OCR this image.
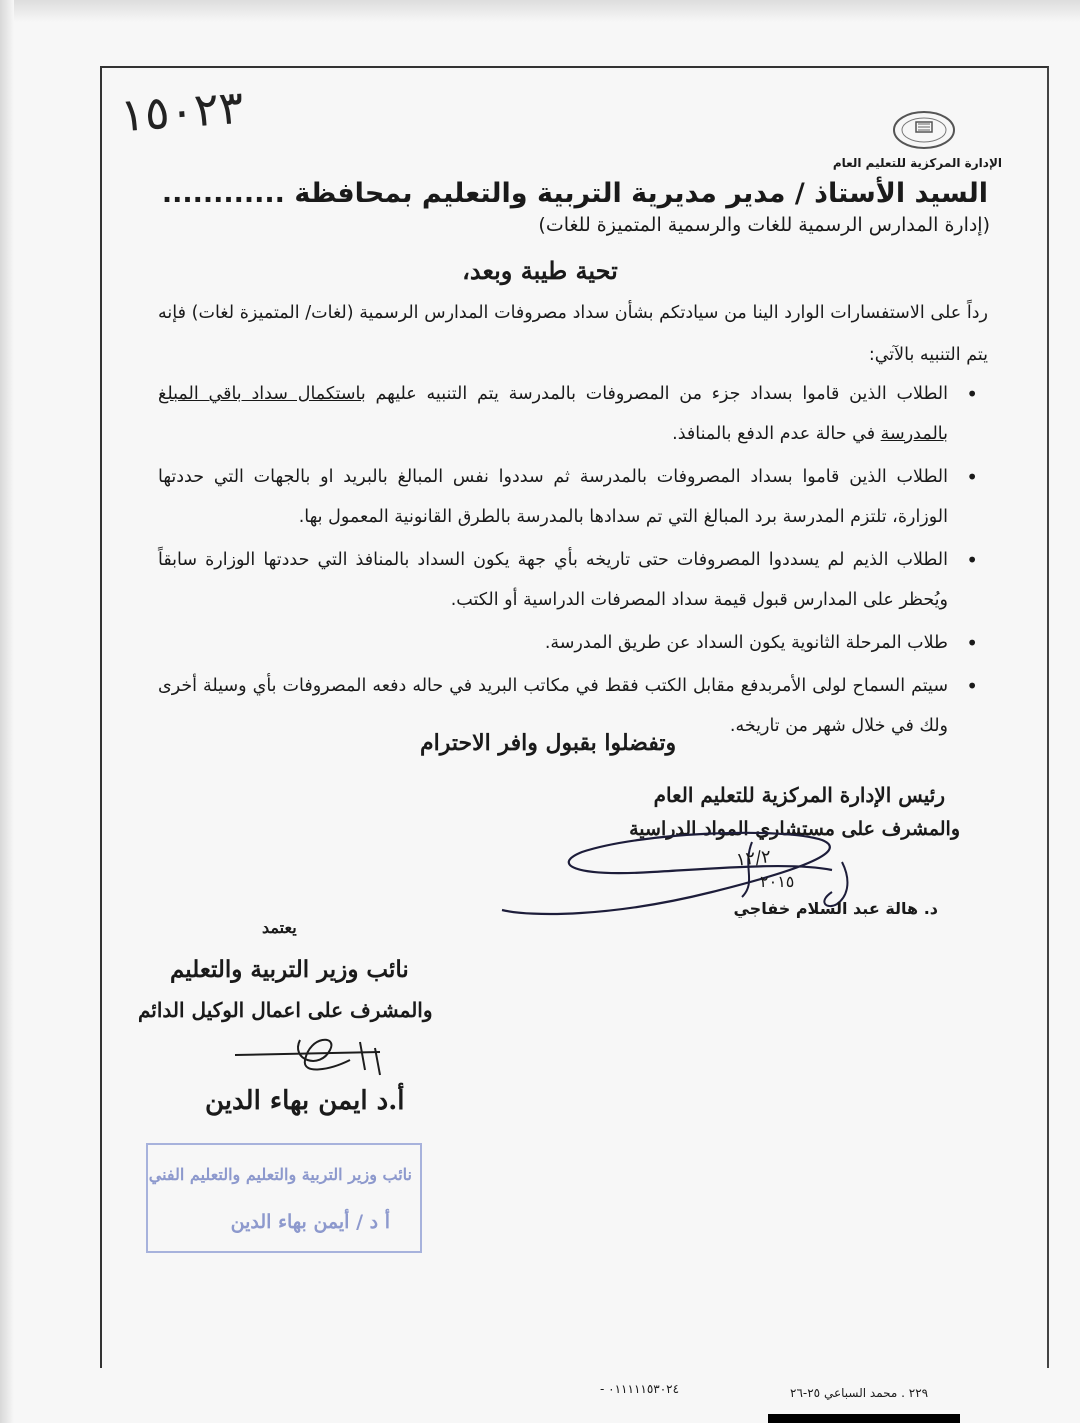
١٥٠٢٣
الإدارة المركزية للتعليم العام
السيد الأستاذ / مدير مديرية التربية والتعليم بمحافظة ............
(إدارة المدارس الرسمية للغات والرسمية المتميزة للغات)
تحية طيبة وبعد،
رداً على الاستفسارات الوارد الينا من سيادتكم بشأن سداد مصروفات المدارس الرسمية (لغات/ المتميزة لغات) فإنه يتم التنبيه بالآتي:
• الطلاب الذين قاموا بسداد جزء من المصروفات بالمدرسة يتم التنبيه عليهم باستكمال سداد باقي المبلغ بالمدرسة في حالة عدم الدفع بالمنافذ.
• الطلاب الذين قاموا بسداد المصروفات بالمدرسة ثم سددوا نفس المبالغ بالبريد او بالجهات التي حددتها الوزارة، تلتزم المدرسة برد المبالغ التي تم سدادها بالمدرسة بالطرق القانونية المعمول بها.
• الطلاب الذيم لم يسددوا المصروفات حتى تاريخه بأي جهة يكون السداد بالمنافذ التي حددتها الوزارة سابقاً ويُحظر على المدارس قبول قيمة سداد المصرفات الدراسية أو الكتب.
• طلاب المرحلة الثانوية يكون السداد عن طريق المدرسة.
• سيتم السماح لولى الأمربدفع مقابل الكتب فقط في مكاتب البريد في حاله دفعه المصروفات بأي وسيلة أخرى ولك في خلال شهر من تاريخه.
وتفضلوا بقبول وافر الاحترام
رئيس الإدارة المركزية للتعليم العام
والمشرف على مستشاري المواد الدراسية
١٢/٢
٢٠١٥
د. هالة عبد السلام خفاجي
يعتمد
نائب وزير التربية والتعليم
والمشرف على اعمال الوكيل الدائم
أ.د ايمن بهاء الدين
نائب وزير التربية والتعليم والتعليم الفني
أ د / أيمن بهاء الدين
٠١١١١١٥٣٠٢٤ -	٢٢٩ . محمد السباعي ٢٥-٢٦
